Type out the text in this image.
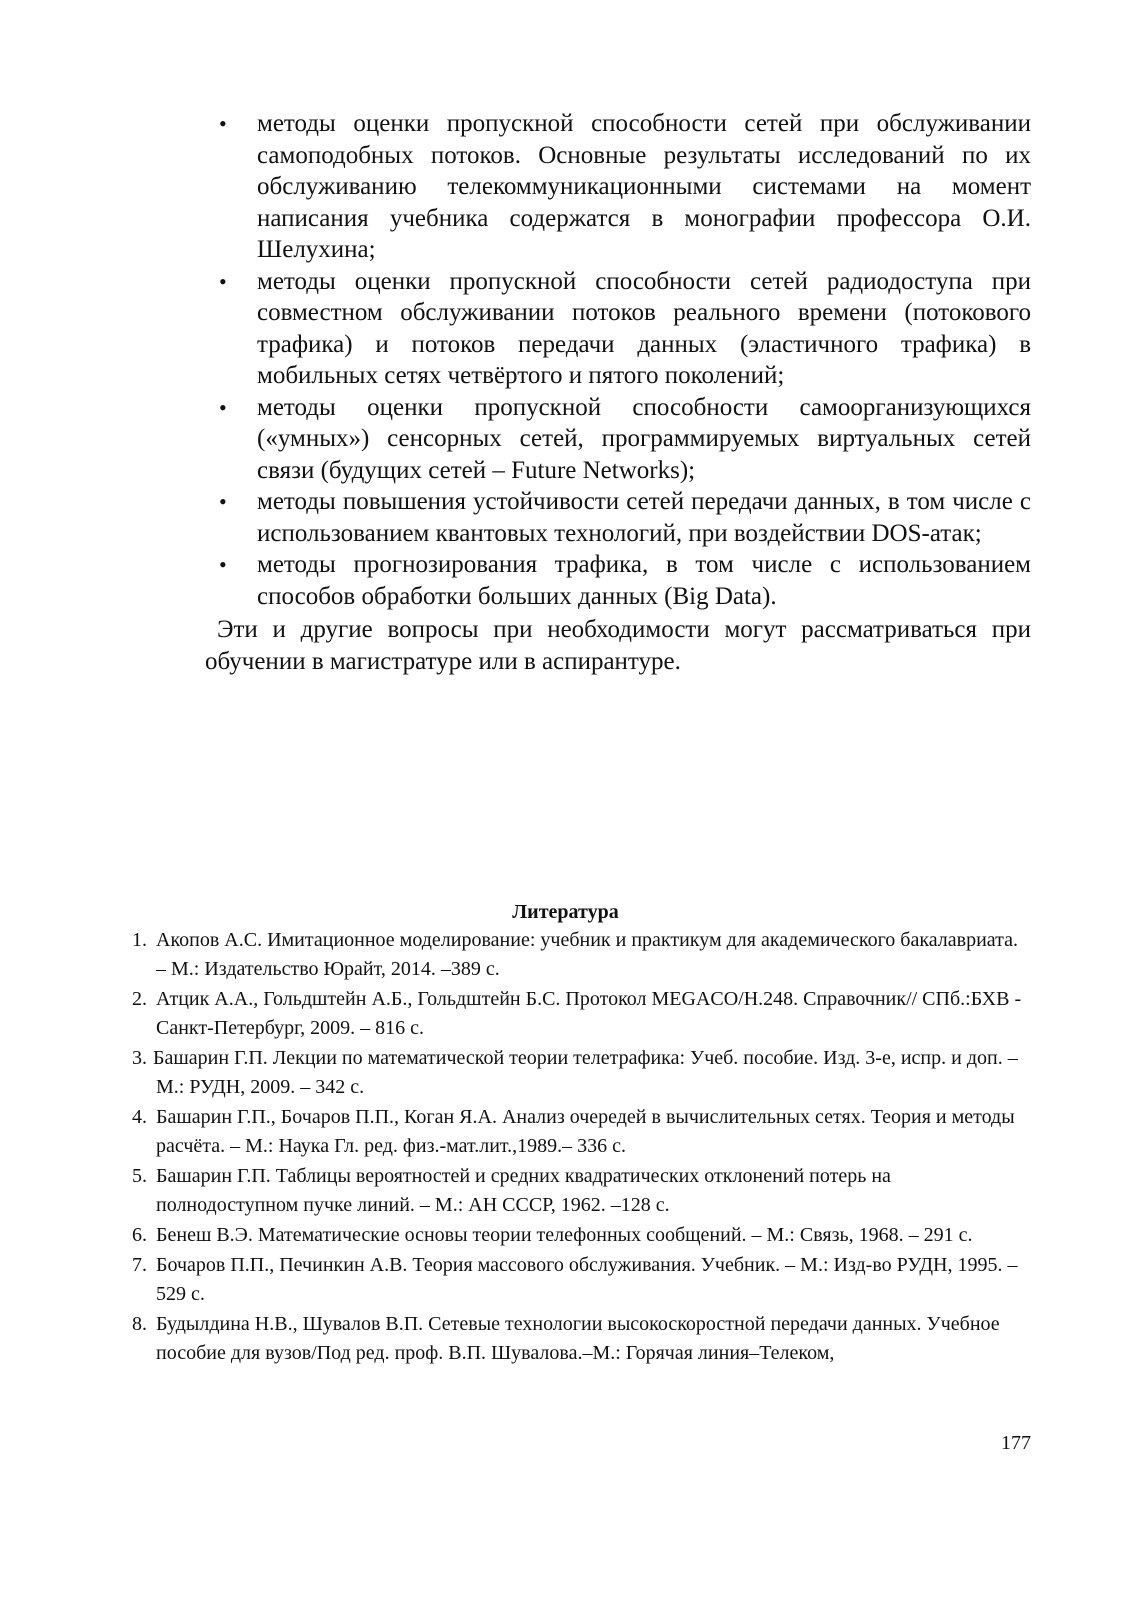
• методы оценки пропускной способности сетей при обслуживании самоподобных потоков. Основные результаты исследований по их обслуживанию телекоммуникационными системами на момент написания учебника содержатся в монографии профессора О.И. Шелухина;
• методы оценки пропускной способности сетей радиодоступа при совместном обслуживании потоков реального времени (потокового трафика) и потоков передачи данных (эластичного трафика) в мобильных сетях четвёртого и пятого поколений;
• методы оценки пропускной способности самоорганизующихся («умных») сенсорных сетей, программируемых виртуальных сетей связи (будущих сетей – Future Networks);
• методы повышения устойчивости сетей передачи данных, в том числе с использованием квантовых технологий, при воздействии DOS-атак;
• методы прогнозирования трафика, в том числе с использованием способов обработки больших данных (Big Data).

Эти и другие вопросы при необходимости могут рассматриваться при обучении в магистратуре или в аспирантуре.

Литература
1. Акопов А.С. Имитационное моделирование: учебник и практикум для академического бакалавриата. – М.: Издательство Юрайт, 2014. –389 с.
2. Атцик А.А., Гольдштейн А.Б., Гольдштейн Б.С. Протокол MEGACO/H.248. Справочник// СПб.:БХВ - Санкт-Петербург, 2009. – 816 с.
3. Башарин Г.П. Лекции по математической теории телетрафика: Учеб. пособие. Изд. 3-е, испр. и доп. –М.: РУДН, 2009. – 342 с.
4. Башарин Г.П., Бочаров П.П., Коган Я.А. Анализ очередей в вычислительных сетях. Теория и методы расчёта. – М.: Наука Гл. ред. физ.-мат.лит.,1989.– 336 с.
5. Башарин Г.П. Таблицы вероятностей и средних квадратических отклонений потерь на полнодоступном пучке линий. – М.: АН СССР, 1962. –128 с.
6. Бенеш В.Э. Математические основы теории телефонных сообщений. – М.: Связь, 1968. – 291 с.
7. Бочаров П.П., Печинкин А.В. Теория массового обслуживания. Учебник. – М.: Изд-во РУДН, 1995. – 529 с.
8. Будылдина Н.В., Шувалов В.П. Сетевые технологии высокоскоростной передачи данных. Учебное пособие для вузов/Под ред. проф. В.П. Шувалова.–М.: Горячая линия–Телеком,
177
